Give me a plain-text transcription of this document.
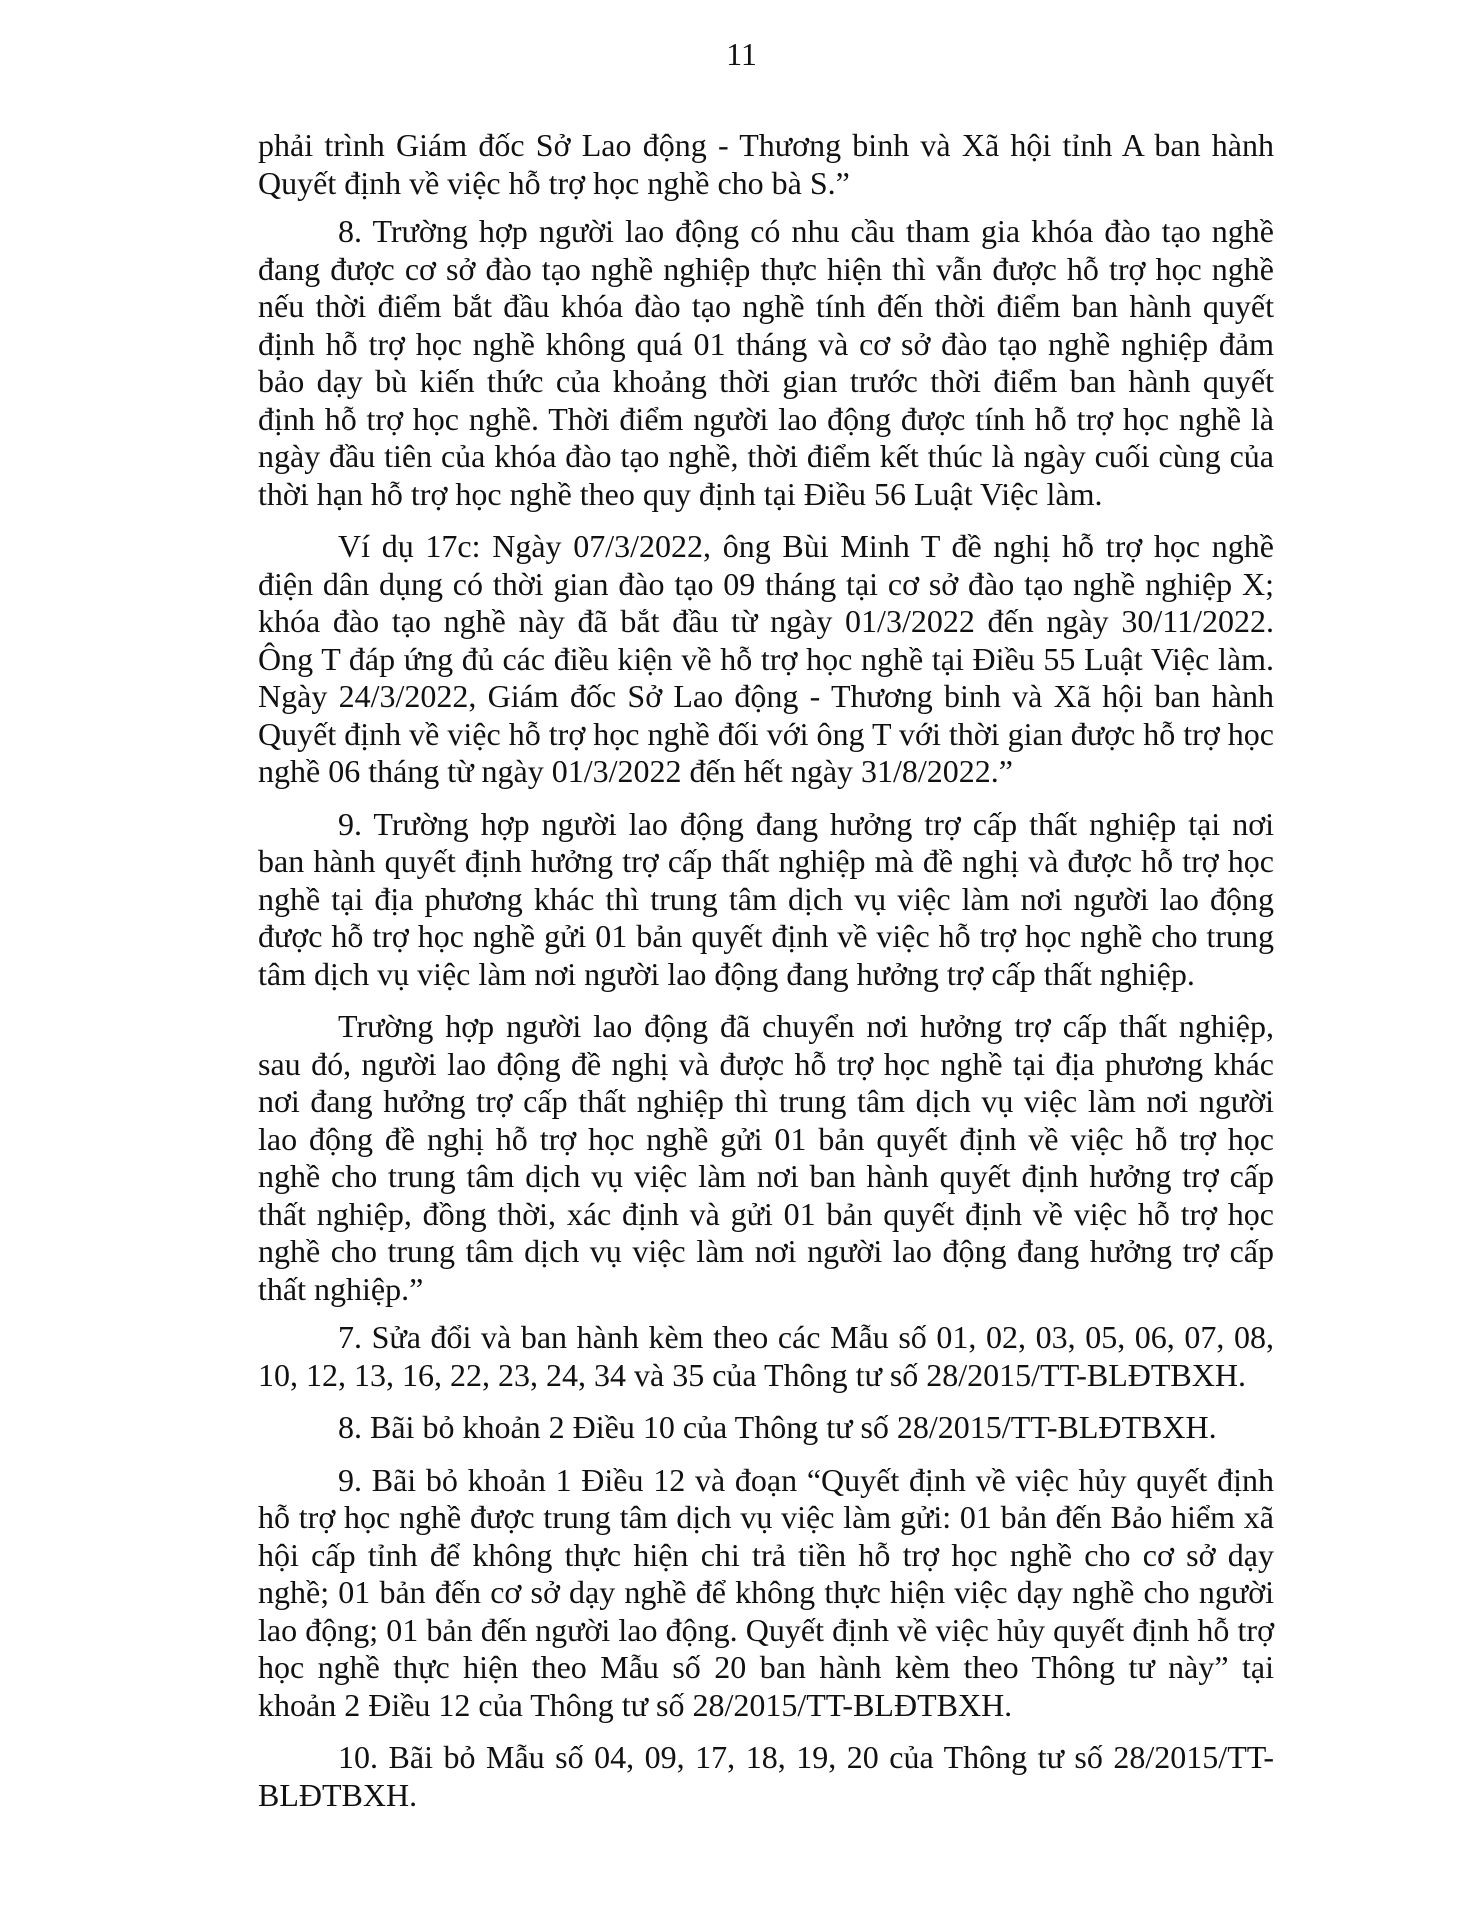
11

phải trình Giám đốc Sở Lao động - Thương binh và Xã hội tỉnh A ban hành Quyết định về việc hỗ trợ học nghề cho bà S.”

8. Trường hợp người lao động có nhu cầu tham gia khóa đào tạo nghề đang được cơ sở đào tạo nghề nghiệp thực hiện thì vẫn được hỗ trợ học nghề nếu thời điểm bắt đầu khóa đào tạo nghề tính đến thời điểm ban hành quyết định hỗ trợ học nghề không quá 01 tháng và cơ sở đào tạo nghề nghiệp đảm bảo dạy bù kiến thức của khoảng thời gian trước thời điểm ban hành quyết định hỗ trợ học nghề. Thời điểm người lao động được tính hỗ trợ học nghề là ngày đầu tiên của khóa đào tạo nghề, thời điểm kết thúc là ngày cuối cùng của thời hạn hỗ trợ học nghề theo quy định tại Điều 56 Luật Việc làm.

Ví dụ 17c: Ngày 07/3/2022, ông Bùi Minh T đề nghị hỗ trợ học nghề điện dân dụng có thời gian đào tạo 09 tháng tại cơ sở đào tạo nghề nghiệp X; khóa đào tạo nghề này đã bắt đầu từ ngày 01/3/2022 đến ngày 30/11/2022. Ông T đáp ứng đủ các điều kiện về hỗ trợ học nghề tại Điều 55 Luật Việc làm. Ngày 24/3/2022, Giám đốc Sở Lao động - Thương binh và Xã hội ban hành Quyết định về việc hỗ trợ học nghề đối với ông T với thời gian được hỗ trợ học nghề 06 tháng từ ngày 01/3/2022 đến hết ngày 31/8/2022.”

9. Trường hợp người lao động đang hưởng trợ cấp thất nghiệp tại nơi ban hành quyết định hưởng trợ cấp thất nghiệp mà đề nghị và được hỗ trợ học nghề tại địa phương khác thì trung tâm dịch vụ việc làm nơi người lao động được hỗ trợ học nghề gửi 01 bản quyết định về việc hỗ trợ học nghề cho trung tâm dịch vụ việc làm nơi người lao động đang hưởng trợ cấp thất nghiệp.

Trường hợp người lao động đã chuyển nơi hưởng trợ cấp thất nghiệp, sau đó, người lao động đề nghị và được hỗ trợ học nghề tại địa phương khác nơi đang hưởng trợ cấp thất nghiệp thì trung tâm dịch vụ việc làm nơi người lao động đề nghị hỗ trợ học nghề gửi 01 bản quyết định về việc hỗ trợ học nghề cho trung tâm dịch vụ việc làm nơi ban hành quyết định hưởng trợ cấp thất nghiệp, đồng thời, xác định và gửi 01 bản quyết định về việc hỗ trợ học nghề cho trung tâm dịch vụ việc làm nơi người lao động đang hưởng trợ cấp thất nghiệp.”

7. Sửa đổi và ban hành kèm theo các Mẫu số 01, 02, 03, 05, 06, 07, 08, 10, 12, 13, 16, 22, 23, 24, 34 và 35 của Thông tư số 28/2015/TT-BLĐTBXH.

8. Bãi bỏ khoản 2 Điều 10 của Thông tư số 28/2015/TT-BLĐTBXH.

9. Bãi bỏ khoản 1 Điều 12 và đoạn “Quyết định về việc hủy quyết định hỗ trợ học nghề được trung tâm dịch vụ việc làm gửi: 01 bản đến Bảo hiểm xã hội cấp tỉnh để không thực hiện chi trả tiền hỗ trợ học nghề cho cơ sở dạy nghề; 01 bản đến cơ sở dạy nghề để không thực hiện việc dạy nghề cho người lao động; 01 bản đến người lao động. Quyết định về việc hủy quyết định hỗ trợ học nghề thực hiện theo Mẫu số 20 ban hành kèm theo Thông tư này” tại khoản 2 Điều 12 của Thông tư số 28/2015/TT-BLĐTBXH.

10. Bãi bỏ Mẫu số 04, 09, 17, 18, 19, 20 của Thông tư số 28/2015/TT-BLĐTBXH.
